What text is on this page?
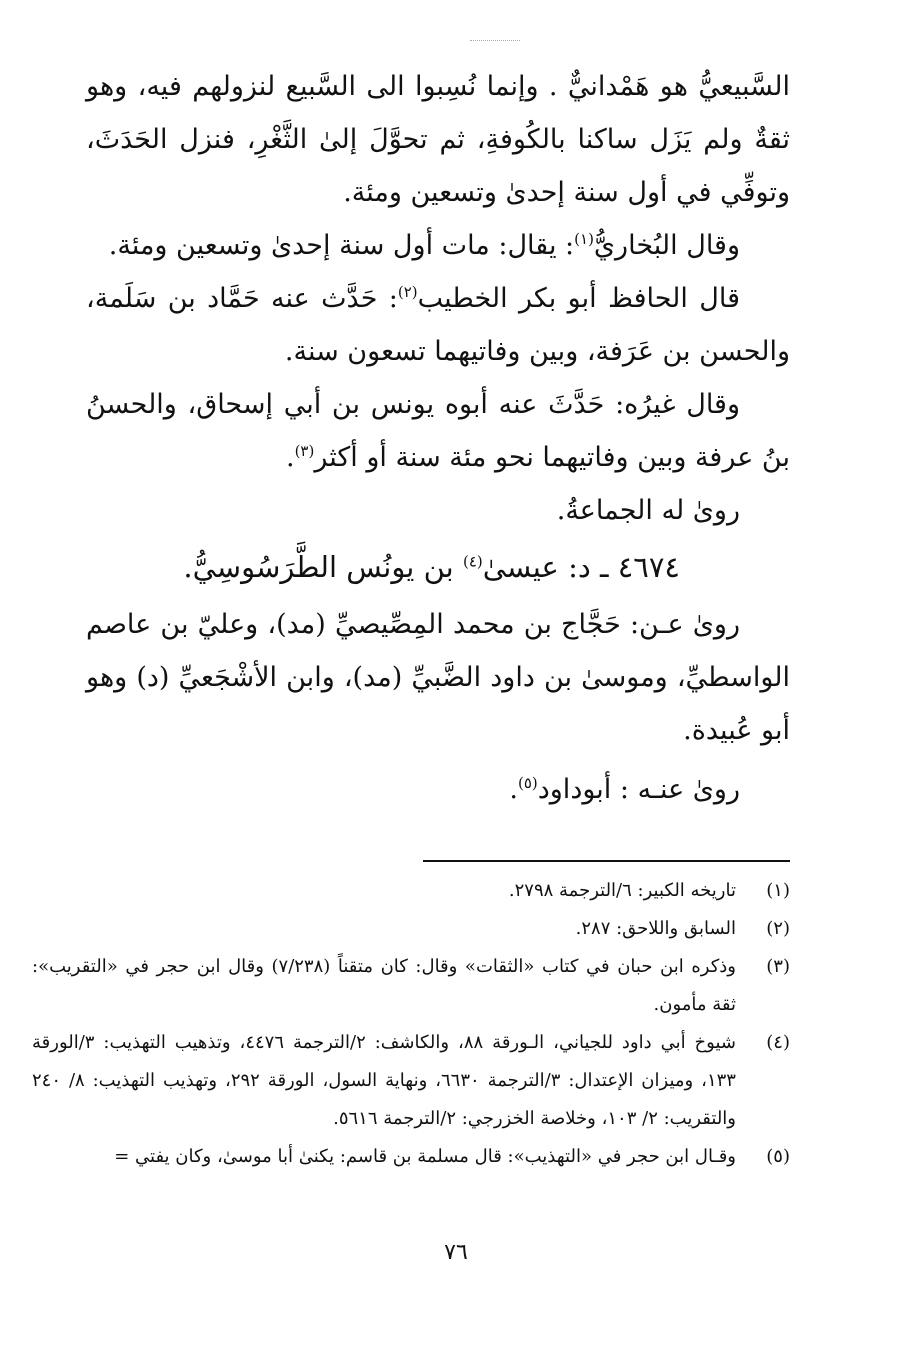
السَّبيعيُّ هو هَمْدانيٌّ . وإنما نُسِبوا الى السَّبيع لنزولهم فيه، وهو ثقةٌ ولم يَزَل ساكنا بالكُوفةِ، ثم تحوَّلَ إلىٰ الثَّغْرِ، فنزل الحَدَثَ، وتوفِّي في أول سنة إحدىٰ وتسعين ومئة.

وقال البُخاريُّ$^{(١)}$: يقال: مات أول سنة إحدىٰ وتسعين ومئة.

قال الحافظ أبو بكر الخطيب$^{(٢)}$: حَدَّث عنه حَمَّاد بن سَلَمة، والحسن بن عَرَفة، وبين وفاتيهما تسعون سنة.

وقال غيرُه: حَدَّثَ عنه أبوه يونس بن أبي إسحاق، والحسنُ بنُ عرفة وبين وفاتيهما نحو مئة سنة أو أكثر$^{(٣)}$.

روىٰ له الجماعةُ.

٤٦٧٤ ـ د: عيسىٰ$^{(٤)}$ بن يونُس الطَّرَسُوسِيُّ.

روىٰ عـن: حَجَّاج بن محمد المِصِّيصيِّ (مد)، وعليّ بن عاصم الواسطيِّ، وموسىٰ بن داود الضَّبيِّ (مد)، وابن الأشْجَعيِّ (د) وهو أبو عُبيدة.

روىٰ عنـه : أبوداود$^{(٥)}$.

(١)
تاريخه الكبير: ٦/الترجمة ٢٧٩٨.
(٢)
السابق واللاحق: ٢٨٧.
(٣)
وذكره ابن حبان في كتاب «الثقات» وقال: كان متقناً (٧/٢٣٨) وقال ابن حجر في «التقريب»: ثقة مأمون.
(٤)
شيوخ أبي داود للجياني، الـورقة ٨٨، والكاشف: ٢/الترجمة ٤٤٧٦، وتذهيب التهذيب: ٣/الورقة ١٣٣، وميزان الإعتدال: ٣/الترجمة ٦٦٣٠، ونهاية السول، الورقة ٢٩٢، وتهذيب التهذيب: ٨/ ٢٤٠ والتقريب: ٢/ ١٠٣، وخلاصة الخزرجي: ٢/الترجمة ٥٦١٦.
(٥)
وقـال ابن حجر في «التهذيب»: قال مسلمة بن قاسم: يكنىٰ أبا موسىٰ، وكان يفتي =
٧٦
